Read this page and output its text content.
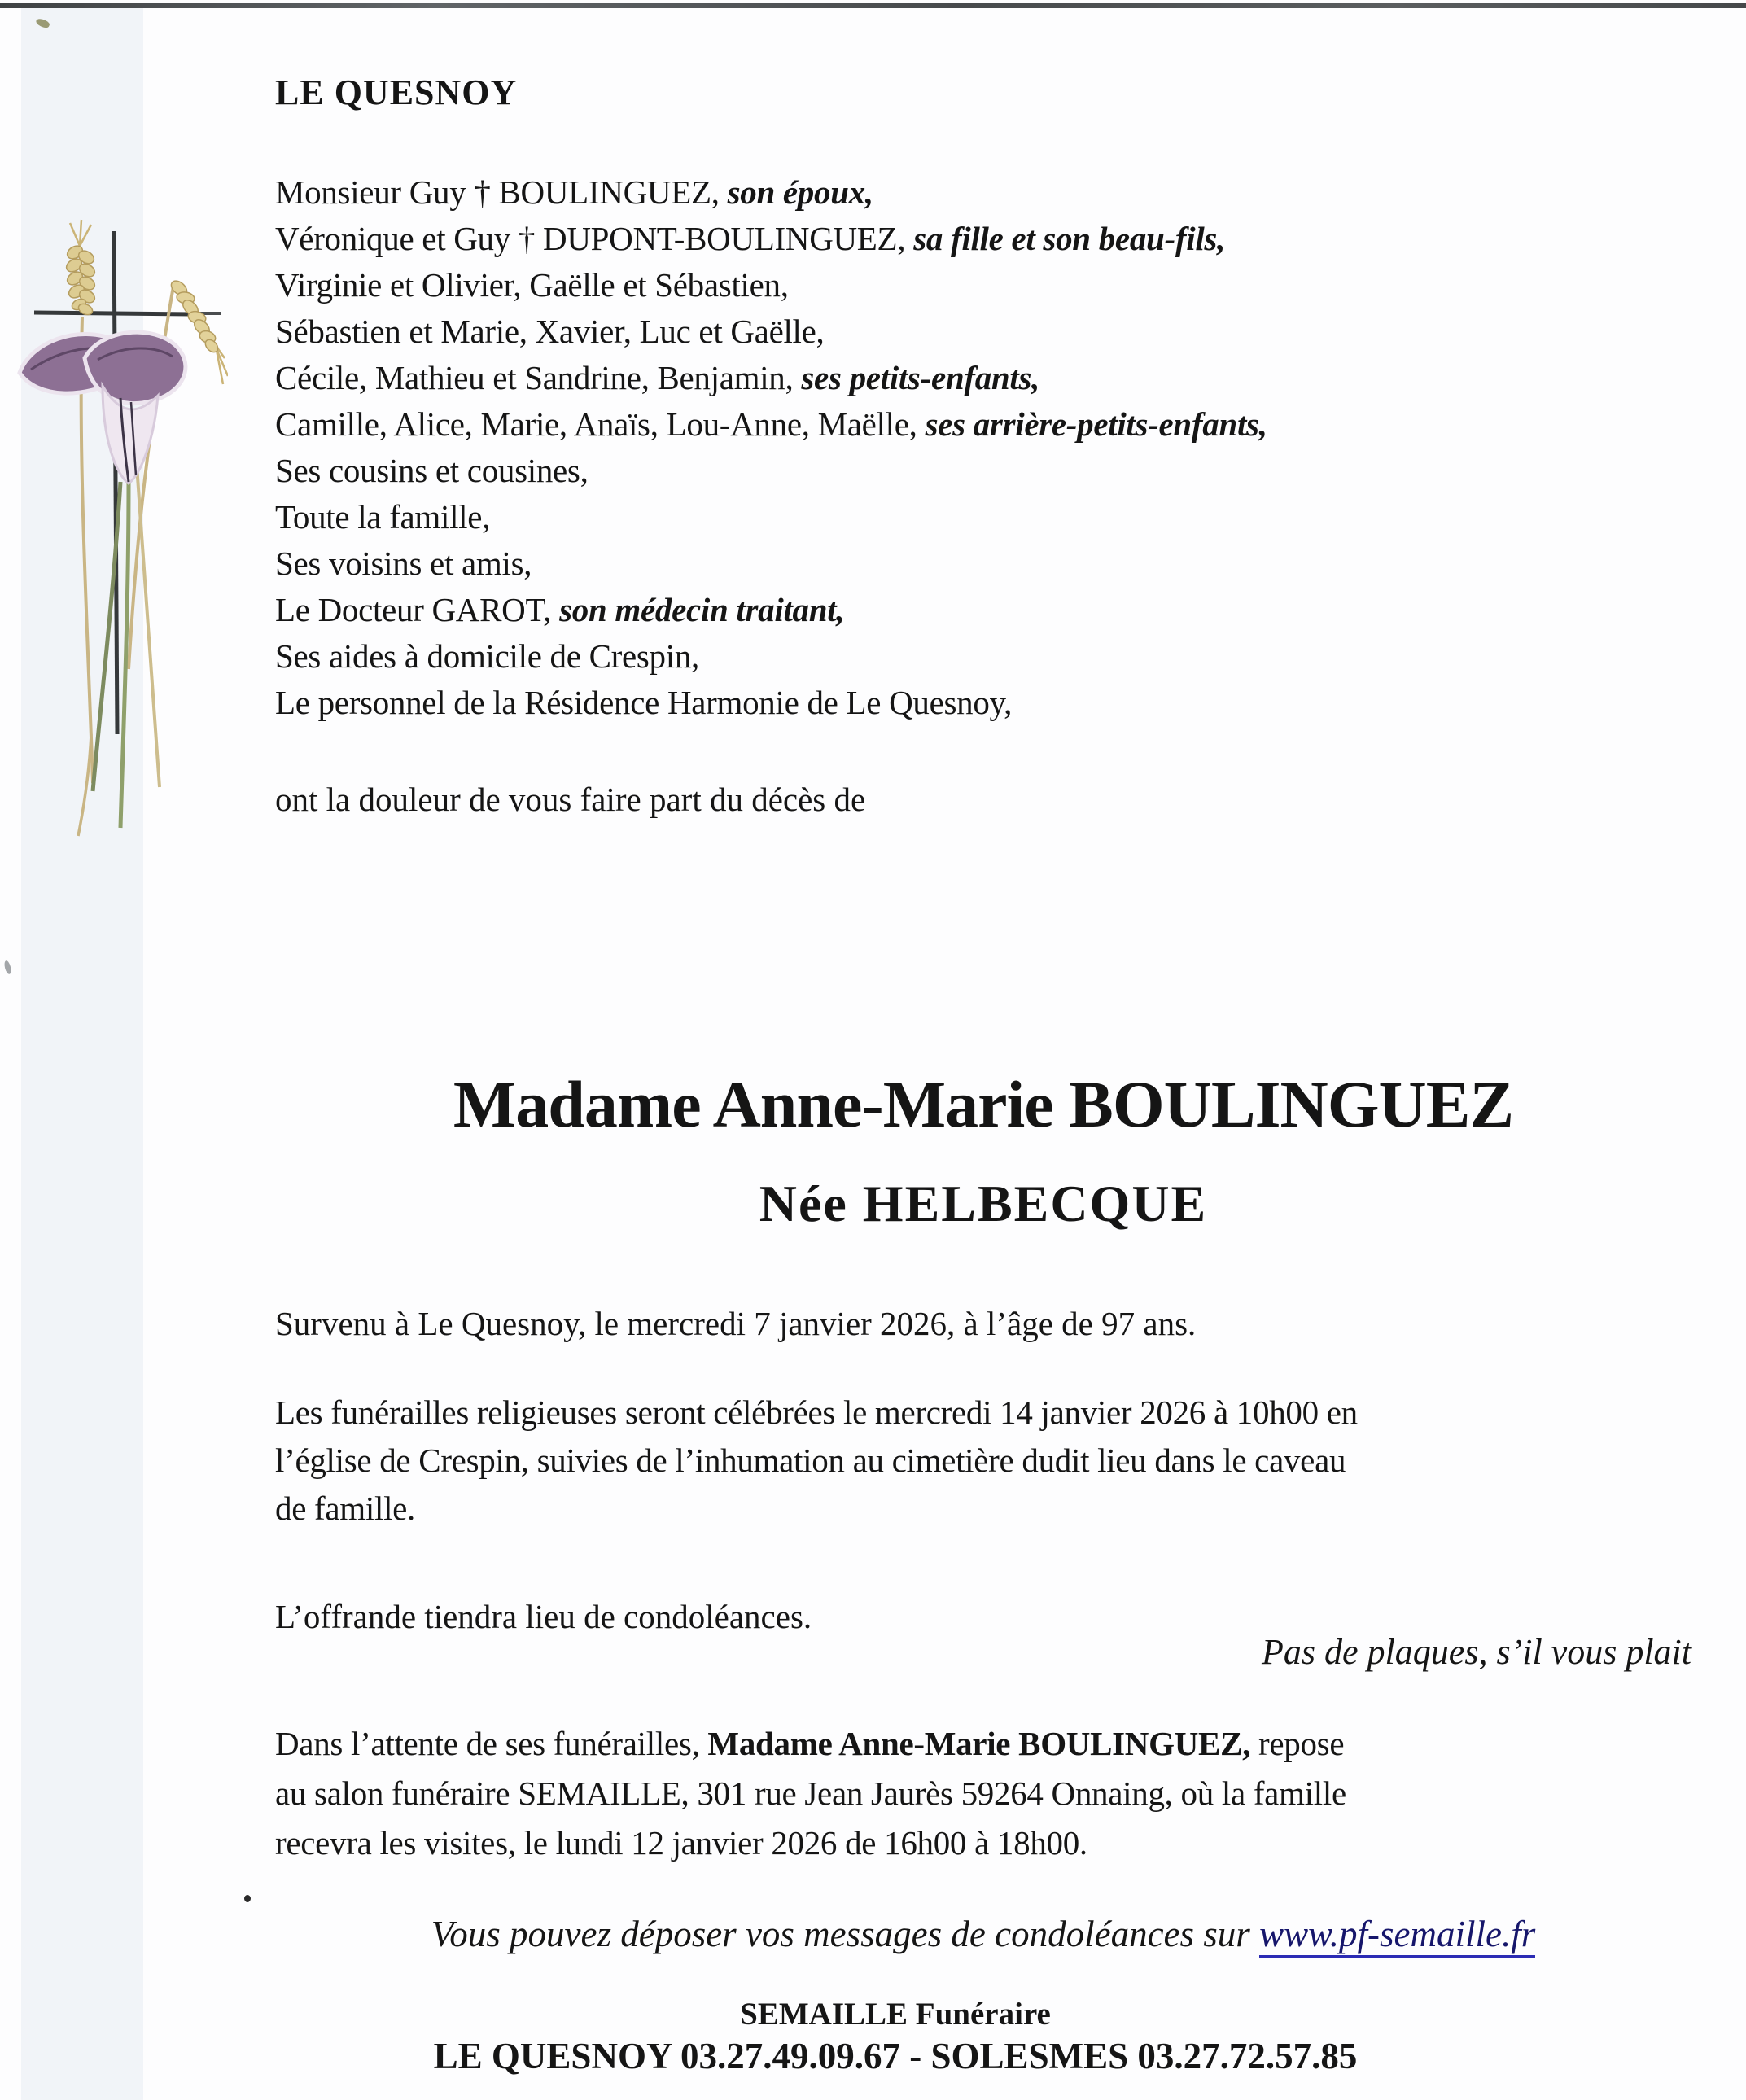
LE QUESNOY
Monsieur Guy † BOULINGUEZ, son époux,
Véronique et Guy † DUPONT-BOULINGUEZ, sa fille et son beau-fils,
Virginie et Olivier, Gaëlle et Sébastien,
Sébastien et Marie, Xavier, Luc et Gaëlle,
Cécile, Mathieu et Sandrine, Benjamin, ses petits-enfants,
Camille, Alice, Marie, Anaïs, Lou-Anne, Maëlle, ses arrière-petits-enfants,
Ses cousins et cousines,
Toute la famille,
Ses voisins et amis,
Le Docteur GAROT, son médecin traitant,
Ses aides à domicile de Crespin,
Le personnel de la Résidence Harmonie de Le Quesnoy,
ont la douleur de vous faire part du décès de
Madame Anne-Marie BOULINGUEZ
Née HELBECQUE
Survenu à Le Quesnoy, le mercredi 7 janvier 2026, à l’âge de 97 ans.
Les funérailles religieuses seront célébrées le mercredi 14 janvier 2026 à 10h00 en
l’église de Crespin, suivies de l’inhumation au cimetière dudit lieu dans le caveau
de famille.
L’offrande tiendra lieu de condoléances.
Pas de plaques, s’il vous plait
Dans l’attente de ses funérailles, Madame Anne-Marie BOULINGUEZ, repose
au salon funéraire SEMAILLE, 301 rue Jean Jaurès 59264 Onnaing, où la famille
recevra les visites, le lundi 12 janvier 2026 de 16h00 à 18h00.
Vous pouvez déposer vos messages de condoléances sur www.pf-semaille.fr
SEMAILLE Funéraire
LE QUESNOY 03.27.49.09.67 - SOLESMES 03.27.72.57.85
